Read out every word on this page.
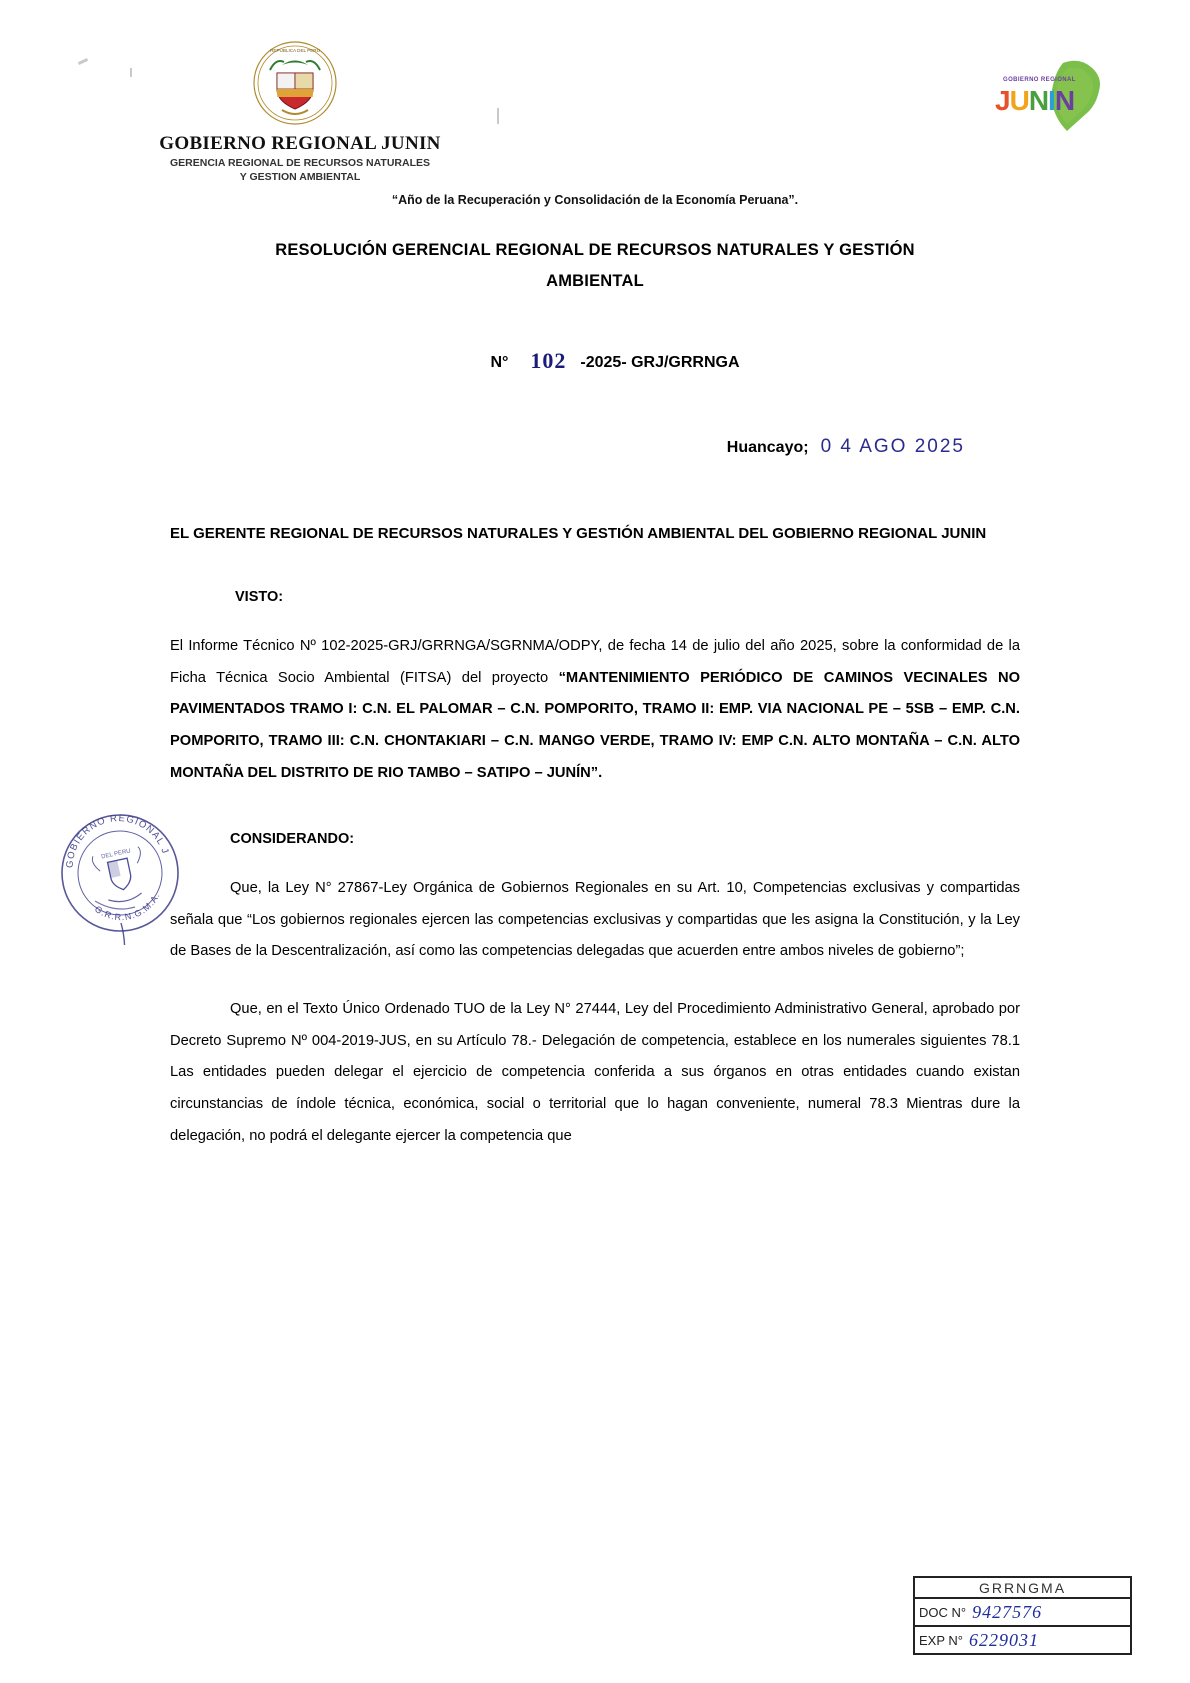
REPUBLICA DEL PERU
GOBIERNO REGIONAL JUNIN
GERENCIA REGIONAL DE RECURSOS NATURALES
Y GESTION AMBIENTAL
GOBIERNO REGIONAL
JUNIN
“Año de la Recuperación y Consolidación de la Economía Peruana”.
RESOLUCIÓN GERENCIAL REGIONAL DE RECURSOS NATURALES Y GESTIÓN
AMBIENTAL
N° 102 -2025- GRJ/GRRNGA
Huancayo; 0 4 AGO 2025
EL GERENTE REGIONAL DE RECURSOS NATURALES Y GESTIÓN AMBIENTAL DEL GOBIERNO REGIONAL JUNIN
VISTO:

El Informe Técnico Nº 102-2025-GRJ/GRRNGA/SGRNMA/ODPY, de fecha 14 de julio del año 2025, sobre la conformidad de la Ficha Técnica Socio Ambiental (FITSA) del proyecto “MANTENIMIENTO PERIÓDICO DE CAMINOS VECINALES NO PAVIMENTADOS TRAMO I: C.N. EL PALOMAR – C.N. POMPORITO, TRAMO II: EMP. VIA NACIONAL PE – 5SB – EMP. C.N. POMPORITO, TRAMO III: C.N. CHONTAKIARI – C.N. MANGO VERDE, TRAMO IV: EMP C.N. ALTO MONTAÑA – C.N. ALTO MONTAÑA DEL DISTRITO DE RIO TAMBO – SATIPO – JUNÍN”.

CONSIDERANDO:

Que, la Ley N° 27867-Ley Orgánica de Gobiernos Regionales en su Art. 10, Competencias exclusivas y compartidas señala que “Los gobiernos regionales ejercen las competencias exclusivas y compartidas que les asigna la Constitución, y la Ley de Bases de la Descentralización, así como las competencias delegadas que acuerden entre ambos niveles de gobierno”;

Que, en el Texto Único Ordenado TUO de la Ley N° 27444, Ley del Procedimiento Administrativo General, aprobado por Decreto Supremo Nº 004-2019-JUS, en su Artículo 78.- Delegación de competencia, establece en los numerales siguientes 78.1 Las entidades pueden delegar el ejercicio de competencia conferida a sus órganos en otras entidades cuando existan circunstancias de índole técnica, económica, social o territorial que lo hagan conveniente, numeral 78.3 Mientras dure la delegación, no podrá el delegante ejercer la competencia que

GOBIERNO REGIONAL JUNIN
G.R.R.N.G.M.A.
DEL PERU
GRRNGMA
DOC N° 9427576
EXP N° 6229031
